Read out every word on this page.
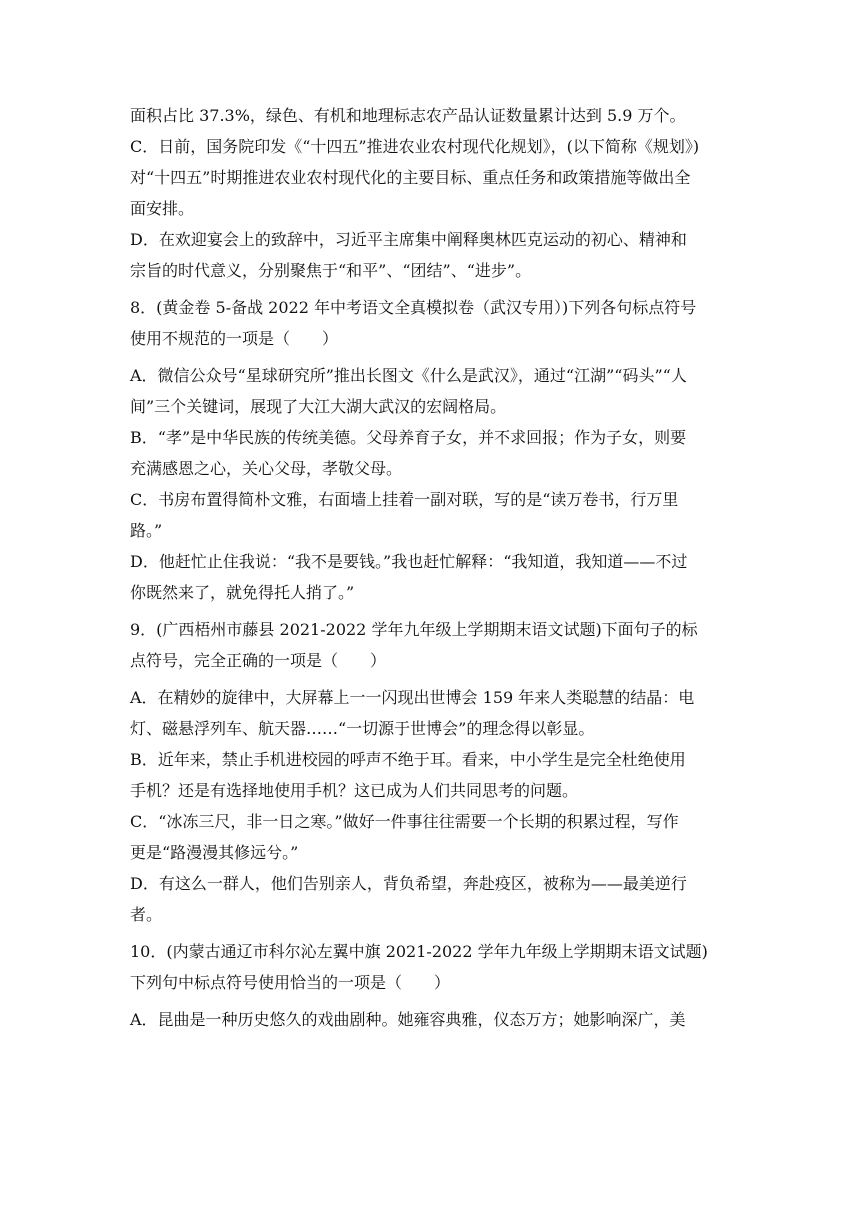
面积占比 37.3%，绿色、有机和地理标志农产品认证数量累计达到 5.9 万个。
C．日前，国务院印发《“十四五”推进农业农村现代化规划》，(以下简称《规划》)
对“十四五”时期推进农业农村现代化的主要目标、重点任务和政策措施等做出全
面安排。
D．在欢迎宴会上的致辞中，习近平主席集中阐释奥林匹克运动的初心、精神和
宗旨的时代意义，分别聚焦于“和平”、“团结”、“进步”。
8．(黄金卷 5-备战 2022 年中考语文全真模拟卷（武汉专用）)下列各句标点符号
使用不规范的一项是（　　）
A．微信公众号“星球研究所”推出长图文《什么是武汉》，通过“江湖”“码头”“人
间”三个关键词，展现了大江大湖大武汉的宏阔格局。
B．“孝”是中华民族的传统美德。父母养育子女，并不求回报；作为子女，则要
充满感恩之心，关心父母，孝敬父母。
C．书房布置得简朴文雅，右面墙上挂着一副对联，写的是“读万卷书，行万里
路。”
D．他赶忙止住我说：“我不是要钱。”我也赶忙解释：“我知道，我知道——不过
你既然来了，就免得托人捎了。”
9．(广西梧州市藤县 2021-2022 学年九年级上学期期末语文试题)下面句子的标
点符号，完全正确的一项是（　　）
A．在精妙的旋律中，大屏幕上一一闪现出世博会 159 年来人类聪慧的结晶：电
灯、磁悬浮列车、航天器……“一切源于世博会”的理念得以彰显。
B．近年来，禁止手机进校园的呼声不绝于耳。看来，中小学生是完全杜绝使用
手机？还是有选择地使用手机？这已成为人们共同思考的问题。
C．“冰冻三尺，非一日之寒。”做好一件事往往需要一个长期的积累过程，写作
更是“路漫漫其修远兮。”
D．有这么一群人，他们告别亲人，背负希望，奔赴疫区，被称为——最美逆行
者。
10．(内蒙古通辽市科尔沁左翼中旗 2021-2022 学年九年级上学期期末语文试题)
下列句中标点符号使用恰当的一项是（　　）
A．昆曲是一种历史悠久的戏曲剧种。她雍容典雅，仪态万方；她影响深广，美
